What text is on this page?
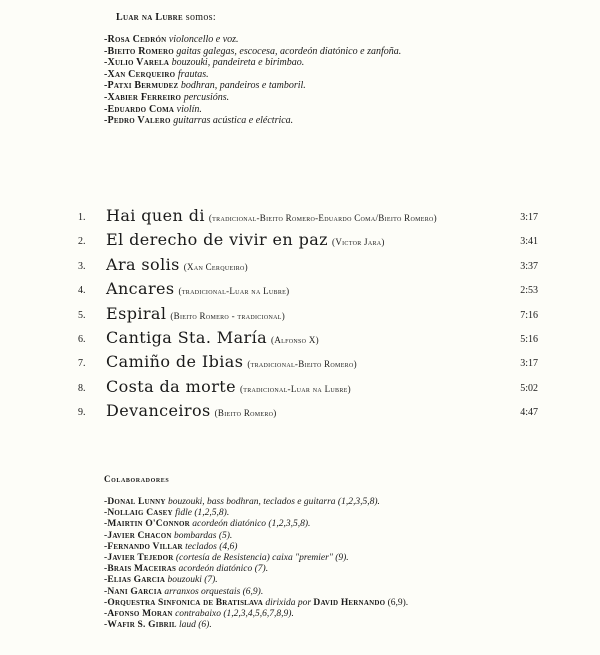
Luar na Lubre somos:
-Rosa Cedrón violoncello e voz.
-Bieito Romero gaitas galegas, escocesa, acordeón diatónico e zanfoña.
-Xulio Varela bouzouki, pandeireta e birimbao.
-Xan Cerqueiro frautas.
-Patxi Bermudez bodhran, pandeiros e tamboril.
-Xabier Ferreiro percusións.
-Eduardo Coma violín.
-Pedro Valero guitarras acústica e eléctrica.
1. Hai quen di (tradicional-Bieito Romero-Eduardo Coma/Bieito Romero)	3:17
2. El derecho de vivir en paz (Victor Jara)	3:41
3. Ara solis (Xan Cerqueiro)	3:37
4. Ancares (tradicional-Luar na Lubre)	2:53
5. Espiral (Bieito Romero - tradicional)	7:16
6. Cantiga Sta. María (Alfonso X)	5:16
7. Camiño de Ibias (tradicional-Bieito Romero)	3:17
8. Costa da morte (tradicional-Luar na Lubre)	5:02
9. Devanceiros (Bieito Romero)	4:47
Colaboradores
-Donal Lunny bouzouki, bass bodhran, teclados e guitarra (1,2,3,5,8).
-Nollaig Casey fidle (1,2,5,8).
-Mairtin O'Connor acordeón diatónico (1,2,3,5,8).
-Javier Chacon bombardas (5).
-Fernando Villar teclados (4,6)
-Javier Tejedor (cortesía de Resistencia) caixa "premier" (9).
-Brais Maceiras acordeón diatónico (7).
-Elias Garcia bouzouki (7).
-Nani Garcia arranxos orquestais (6,9).
-Orquestra Sinfonica de Bratislava dirixida por David Hernando (6,9).
-Afonso Moran contrabaixo (1,2,3,4,5,6,7,8,9).
-Wafir S. Gibril laud (6).
